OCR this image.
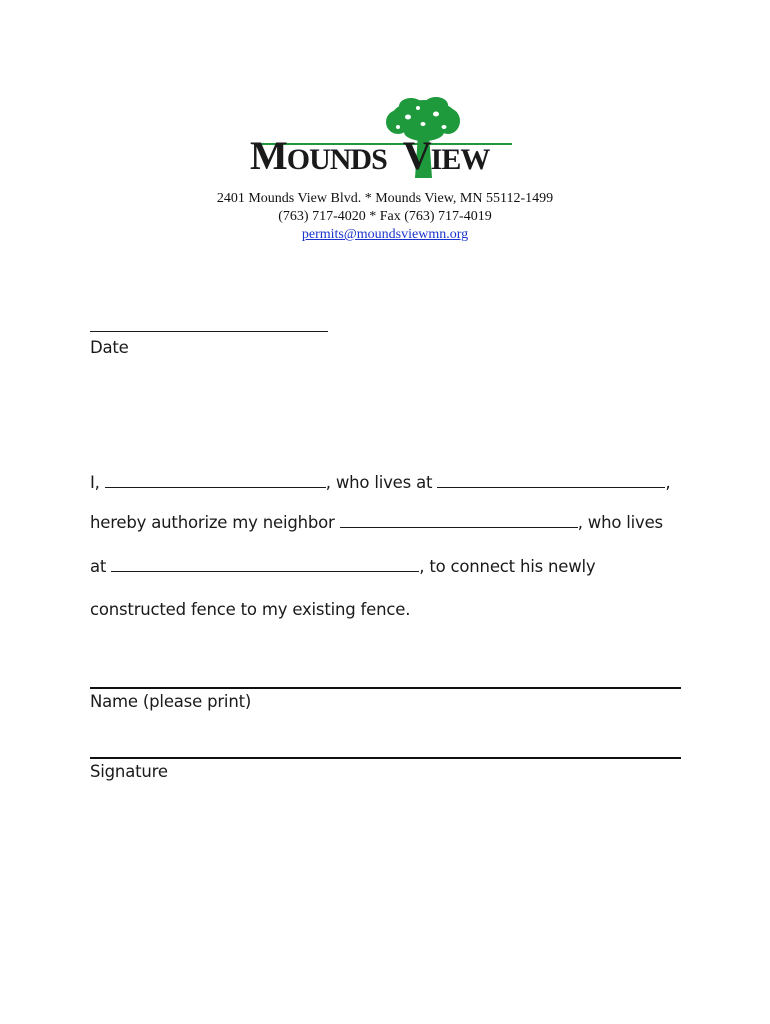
MOUNDS VIEW
2401 Mounds View Blvd. * Mounds View, MN 55112-1499
(763) 717-4020 * Fax (763) 717-4019
permits@moundsviewmn.org
Date
I,	, who lives at	,
hereby authorize my neighbor	, who lives
at	, to connect his newly
constructed fence to my existing fence.
Name (please print)
Signature
